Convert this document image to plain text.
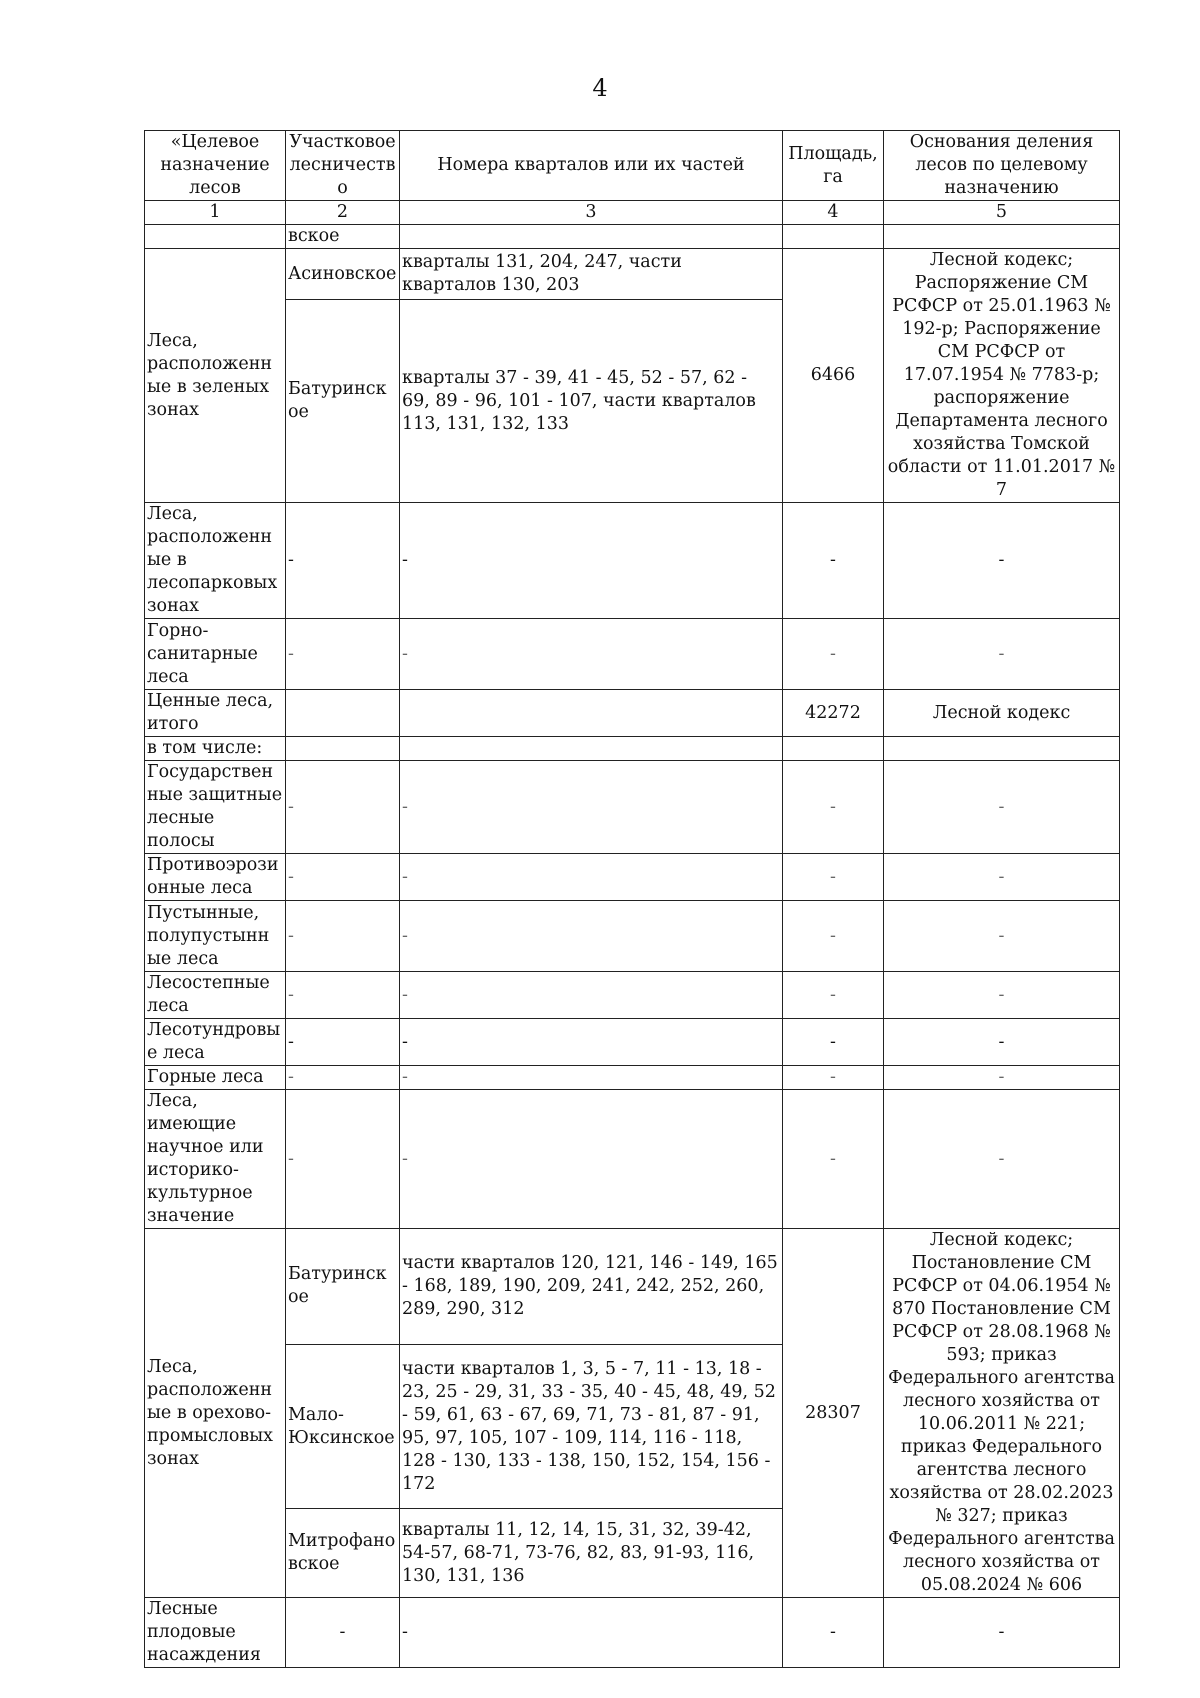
4
«Целевое назначение лесов	Участковое лесничество	Номера кварталов или их частей	Площадь, га	Основания деления лесов по целевому назначению
1	2	3	4	5
	вское			
Леса, расположенные в зеленых зонах	Асиновское	кварталы 131, 204, 247, части кварталов 130, 203	6466	Лесной кодекс; Распоряжение СМ РСФСР от 25.01.1963 № 192-р; Распоряжение СМ РСФСР от 17.07.1954 № 7783-р; распоряжение Департамента лесного хозяйства Томской области от 11.01.2017 № 7
	Батуринское	кварталы 37 - 39, 41 - 45, 52 - 57, 62 - 69, 89 - 96, 101 - 107, части кварталов 113, 131, 132, 133		
Леса, расположенные в лесопарковых зонах	-	-	-	-
Горно-санитарные леса	-	-	-	-
Ценные леса, итого			42272	Лесной кодекс
в том числе:				
Государственные защитные лесные полосы	-	-	-	-
Противоэрозионные леса	-	-	-	-
Пустынные, полупустынные леса	-	-	-	-
Лесостепные леса	-	-	-	-
Лесотундровые леса	-	-	-	-
Горные леса	-	-	-	-
Леса, имеющие научное или историко-культурное значение	-	-	-	-
Леса, расположенные в орехово-промысловых зонах	Батуринское	части кварталов 120, 121, 146 - 149, 165 - 168, 189, 190, 209, 241, 242, 252, 260, 289, 290, 312	28307	Лесной кодекс; Постановление СМ РСФСР от 04.06.1954 № 870 Постановление СМ РСФСР от 28.08.1968 № 593; приказ Федерального агентства лесного хозяйства от 10.06.2011 № 221; приказ Федерального агентства лесного хозяйства от 28.02.2023 № 327; приказ Федерального агентства лесного хозяйства от 05.08.2024 № 606
	Мало-Юксинское	части кварталов 1, 3, 5 - 7, 11 - 13, 18 - 23, 25 - 29, 31, 33 - 35, 40 - 45, 48, 49, 52 - 59, 61, 63 - 67, 69, 71, 73 - 81, 87 - 91, 95, 97, 105, 107 - 109, 114, 116 - 118, 128 - 130, 133 - 138, 150, 152, 154, 156 - 172		
	Митрофановское	кварталы 11, 12, 14, 15, 31, 32, 39-42, 54-57, 68-71, 73-76, 82, 83, 91-93, 116, 130, 131, 136		
Лесные плодовые насаждения	-	-	-	-
